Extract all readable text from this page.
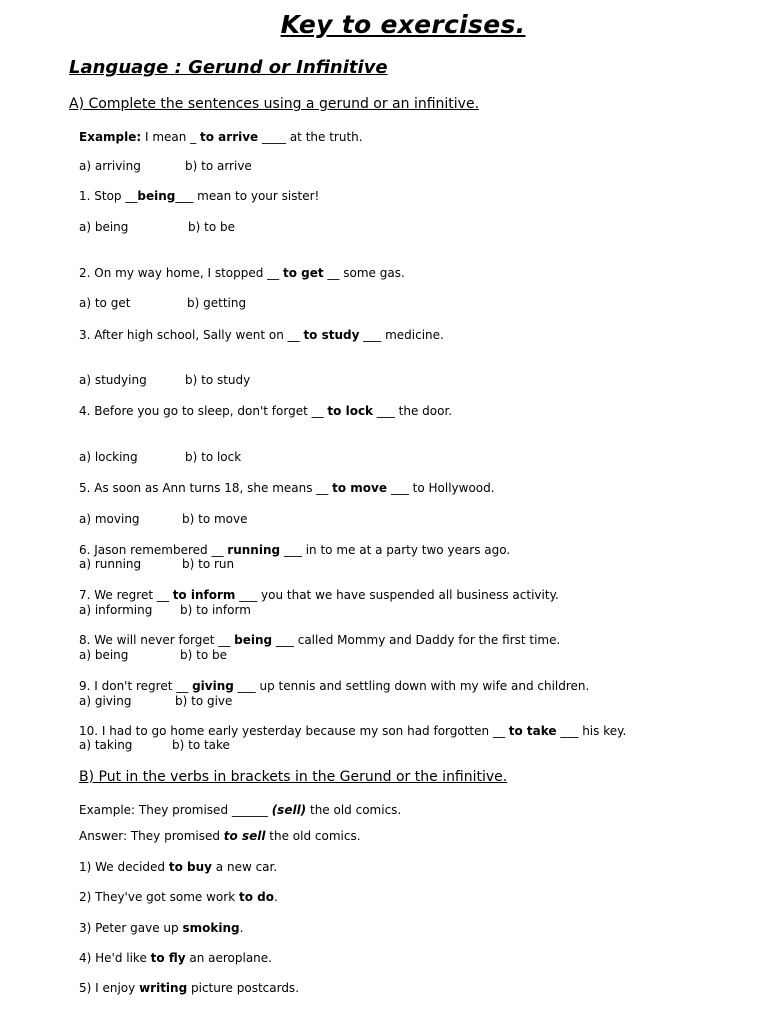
Key to exercises.
Language : Gerund or Infinitive
A) Complete the sentences using a gerund or an infinitive.
Example: I mean _ to arrive ____ at the truth.
a) arriving	b) to arrive
1. Stop __being___ mean to your sister!
a) being	b) to be
2. On my way home, I stopped __ to get __ some gas.
a) to get	b) getting
3. After high school, Sally went on __ to study ___ medicine.
a) studying	b) to study
4. Before you go to sleep, don't forget __ to lock ___ the door.
a) locking	b) to lock
5. As soon as Ann turns 18, she means __ to move ___ to Hollywood.
a) moving	b) to move
6. Jason remembered __ running ___ in to me at a party two years ago.
a) running	b) to run
7. We regret __ to inform ___ you that we have suspended all business activity.
a) informing b) to inform
8. We will never forget __ being ___ called Mommy and Daddy for the first time.
a) being	b) to be
9. I don't regret __ giving ___ up tennis and settling down with my wife and children.
a) giving	b) to give
10. I had to go home early yesterday because my son had forgotten __ to take ___ his key.
a) taking	b) to take
B) Put in the verbs in brackets in the Gerund or the infinitive.
Example: They promised ______ (sell) the old comics.
Answer: They promised to sell the old comics.
1) We decided to buy a new car.
2) They've got some work to do.
3) Peter gave up smoking.
4) He'd like to fly an aeroplane.
5) I enjoy writing picture postcards.
